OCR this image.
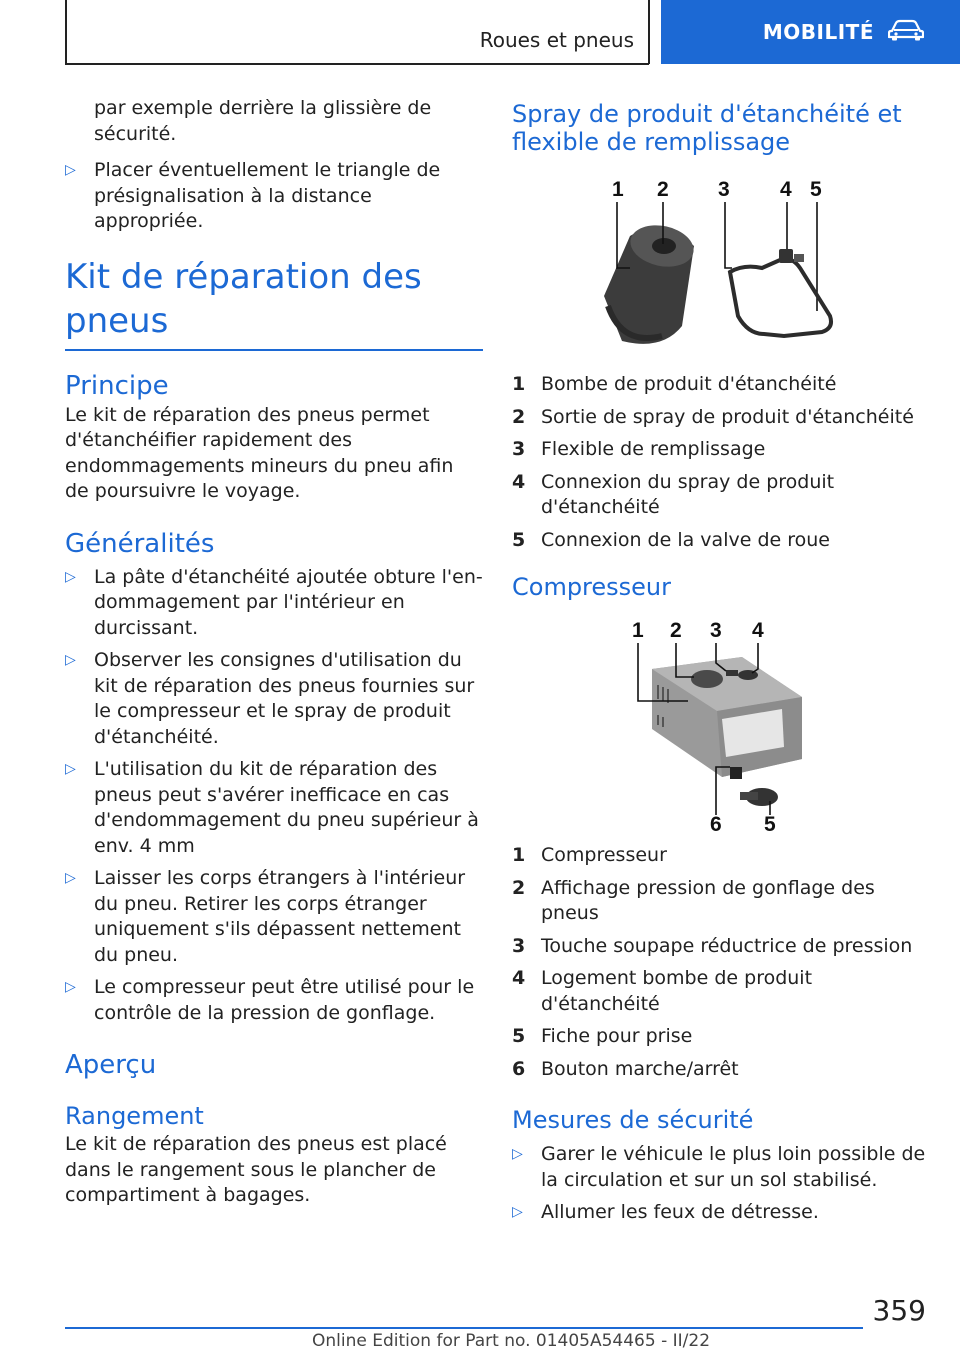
Roues et pneus	MOBILITÉ

par exemple derrière la glissière de sécurité.

▷ Placer éventuellement le triangle de présignalisation à la distance appropriée.
Kit de réparation des pneus
Principe

Le kit de réparation des pneus permet d'étanchéifier rapidement des endommagements mineurs du pneu afin de poursuivre le voyage.

Généralités
▷ La pâte d'étanchéité ajoutée obture l'endommagement par l'intérieur en durcissant.
▷ Observer les consignes d'utilisation du kit de réparation des pneus fournies sur le compresseur et le spray de produit d'étanchéité.
▷ L'utilisation du kit de réparation des pneus peut s'avérer inefficace en cas d'endommagement du pneu supérieur à env. 4 mm
▷ Laisser les corps étrangers à l'intérieur du pneu. Retirer les corps étranger uniquement s'ils dépassent nettement du pneu.
▷ Le compresseur peut être utilisé pour le contrôle de la pression de gonflage.
Aperçu
Rangement

Le kit de réparation des pneus est placé dans le rangement sous le plancher de compartiment à bagages.

Spray de produit d'étanchéité et flexible de remplissage
1 2 3 4 5
1 Bombe de produit d'étanchéité
2 Sortie de spray de produit d'étanchéité
3 Flexible de remplissage
4 Connexion du spray de produit d'étanchéité
5 Connexion de la valve de roue
Compresseur
1 2 3 4
5
6
1 Compresseur
2 Affichage pression de gonflage des pneus
3 Touche soupape réductrice de pression
4 Logement bombe de produit d'étanchéité
5 Fiche pour prise
6 Bouton marche/arrêt
Mesures de sécurité
▷ Garer le véhicule le plus loin possible de la circulation et sur un sol stabilisé.
▷ Allumer les feux de détresse.
359
Online Edition for Part no. 01405A54465 - II/22
